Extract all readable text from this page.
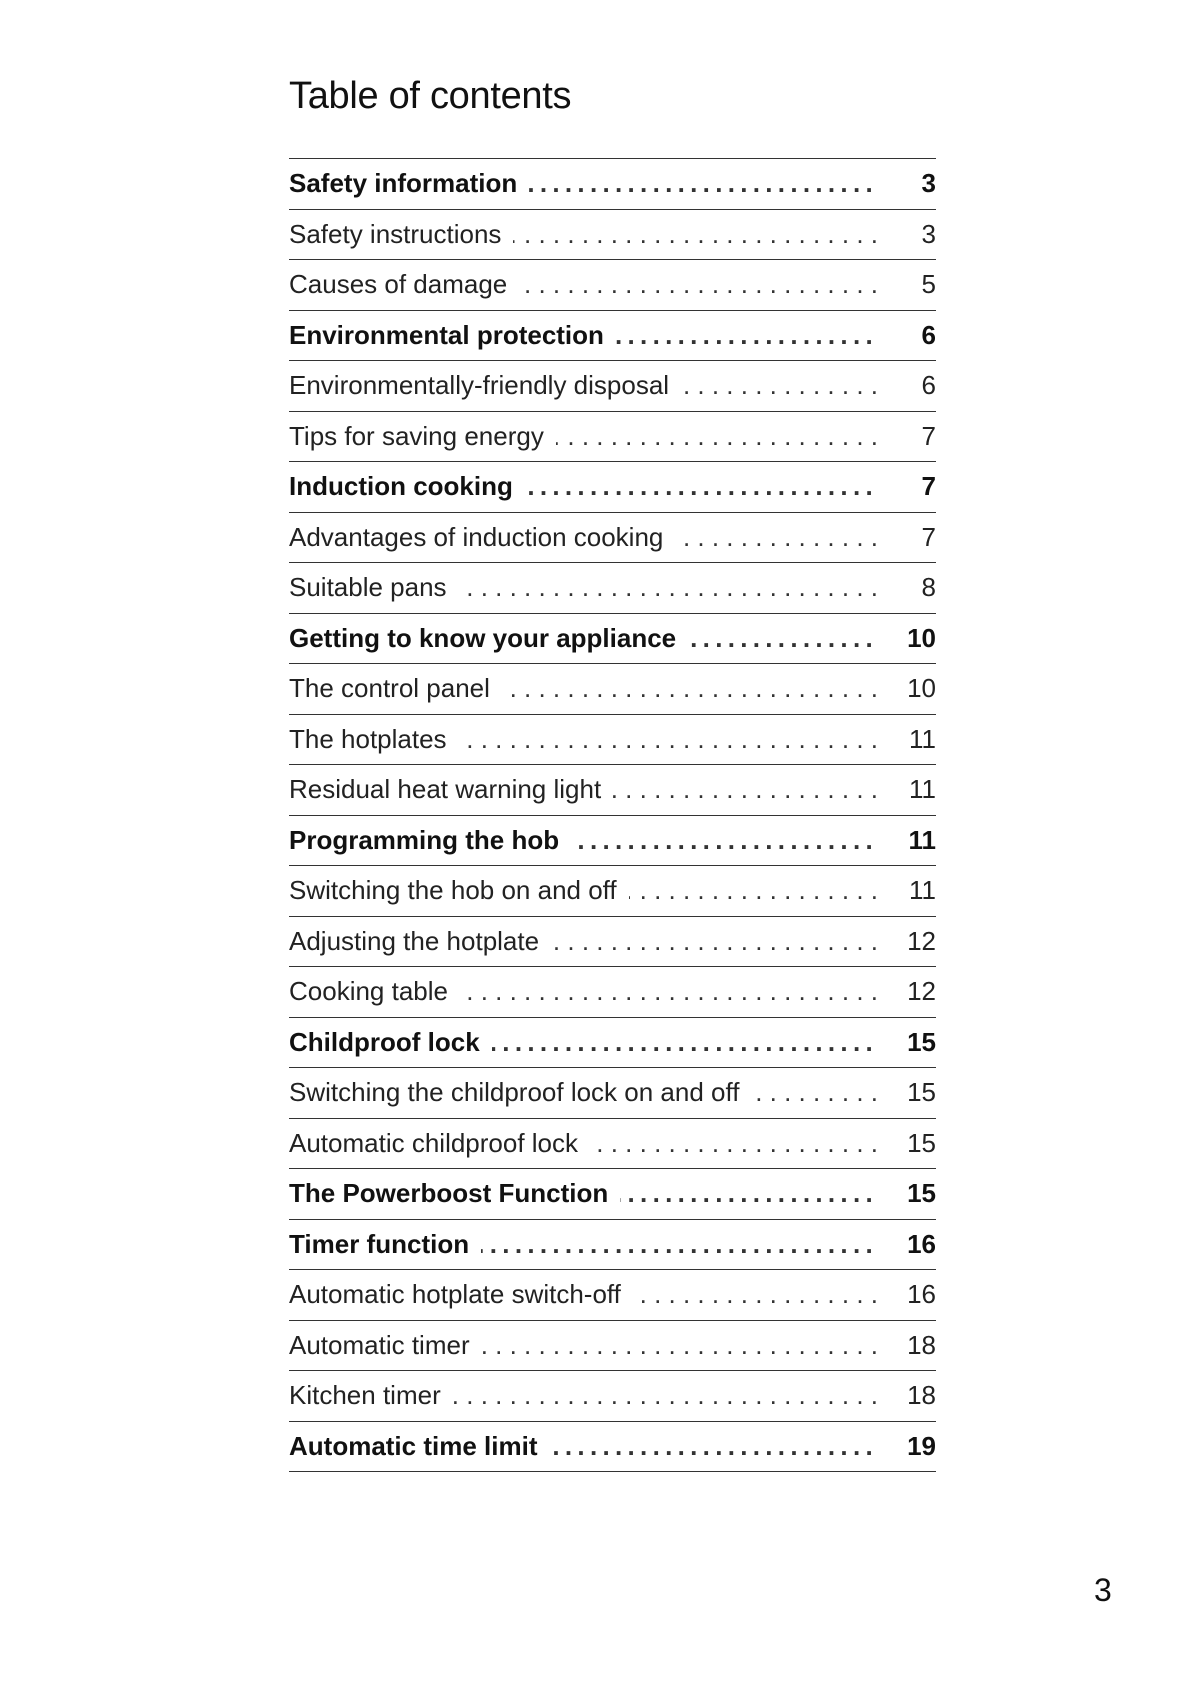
Table of contents
Safety information .....	3
Safety instructions . . .	3
Causes of damage . . .	5
Environmental protection .....	6
Environmentally-friendly disposal . . .	6
Tips for saving energy . . .	7
Induction cooking .....	7
Advantages of induction cooking . . .	7
Suitable pans . . .	8
Getting to know your appliance .....	10
The control panel . . .	10
The hotplates . . .	11
Residual heat warning light . . .	11
Programming the hob .....	11
Switching the hob on and off . . .	11
Adjusting the hotplate . . .	12
Cooking table . . .	12
Childproof lock .....	15
Switching the childproof lock on and off . . .	15
Automatic childproof lock . . .	15
The Powerboost Function .....	15
Timer function .....	16
Automatic hotplate switch-off . . .	16
Automatic timer . . .	18
Kitchen timer . . .	18
Automatic time limit .....	19
3
